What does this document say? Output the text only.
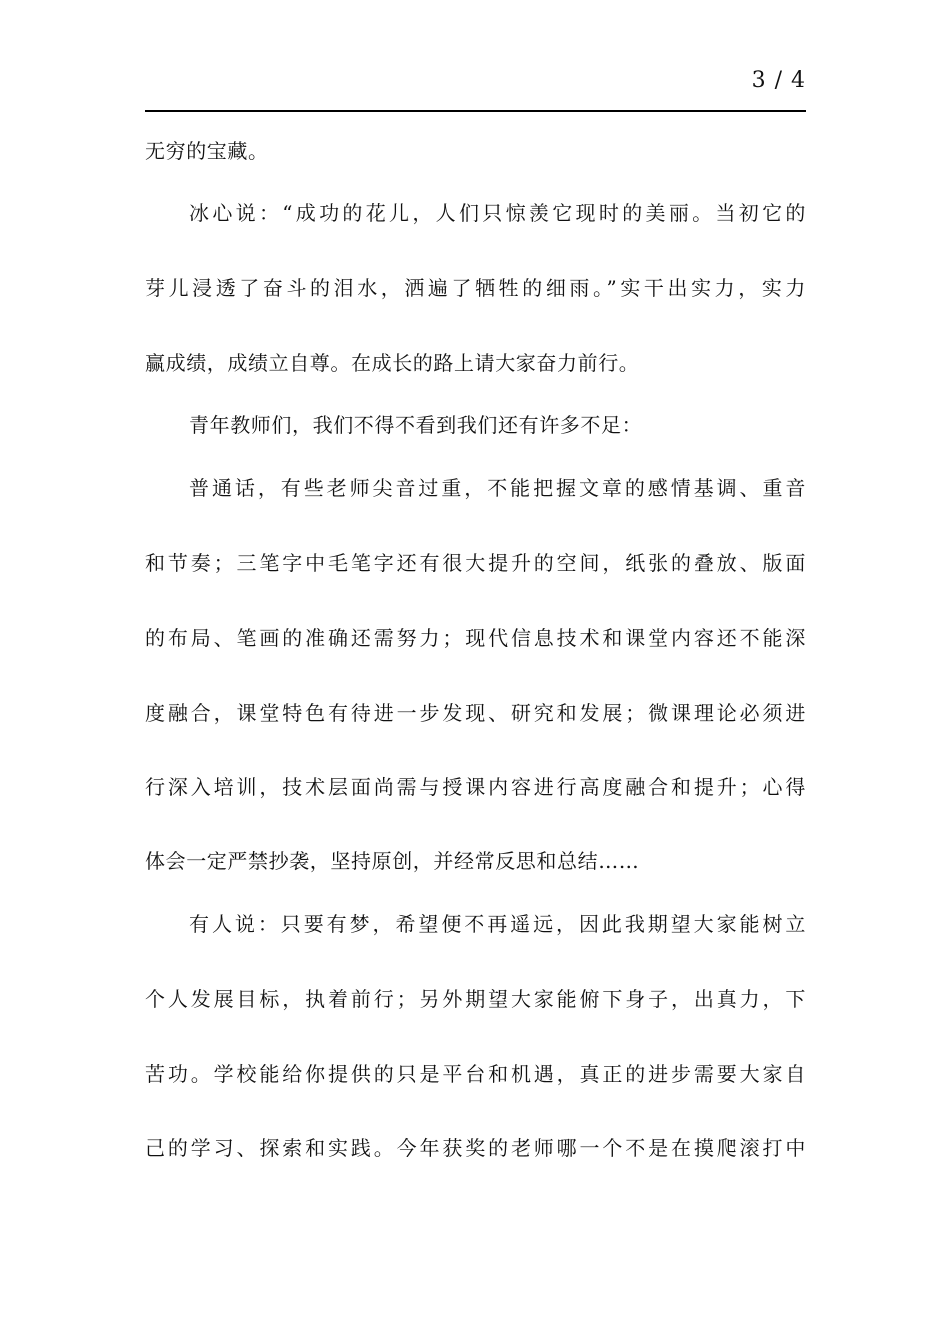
3 / 4
无穷的宝藏。
冰心说：“成功的花儿，人们只惊羡它现时的美丽。当初它的
芽儿浸透了奋斗的泪水，洒遍了牺牲的细雨。”实干出实力，实力
赢成绩，成绩立自尊。在成长的路上请大家奋力前行。
青年教师们，我们不得不看到我们还有许多不足：
普通话，有些老师尖音过重，不能把握文章的感情基调、重音
和节奏；三笔字中毛笔字还有很大提升的空间，纸张的叠放、版面
的布局、笔画的准确还需努力；现代信息技术和课堂内容还不能深
度融合，课堂特色有待进一步发现、研究和发展；微课理论必须进
行深入培训，技术层面尚需与授课内容进行高度融合和提升；心得
体会一定严禁抄袭，坚持原创，并经常反思和总结……
有人说：只要有梦，希望便不再遥远，因此我期望大家能树立
个人发展目标，执着前行；另外期望大家能俯下身子，出真力，下
苦功。学校能给你提供的只是平台和机遇，真正的进步需要大家自
己的学习、探索和实践。今年获奖的老师哪一个不是在摸爬滚打中
